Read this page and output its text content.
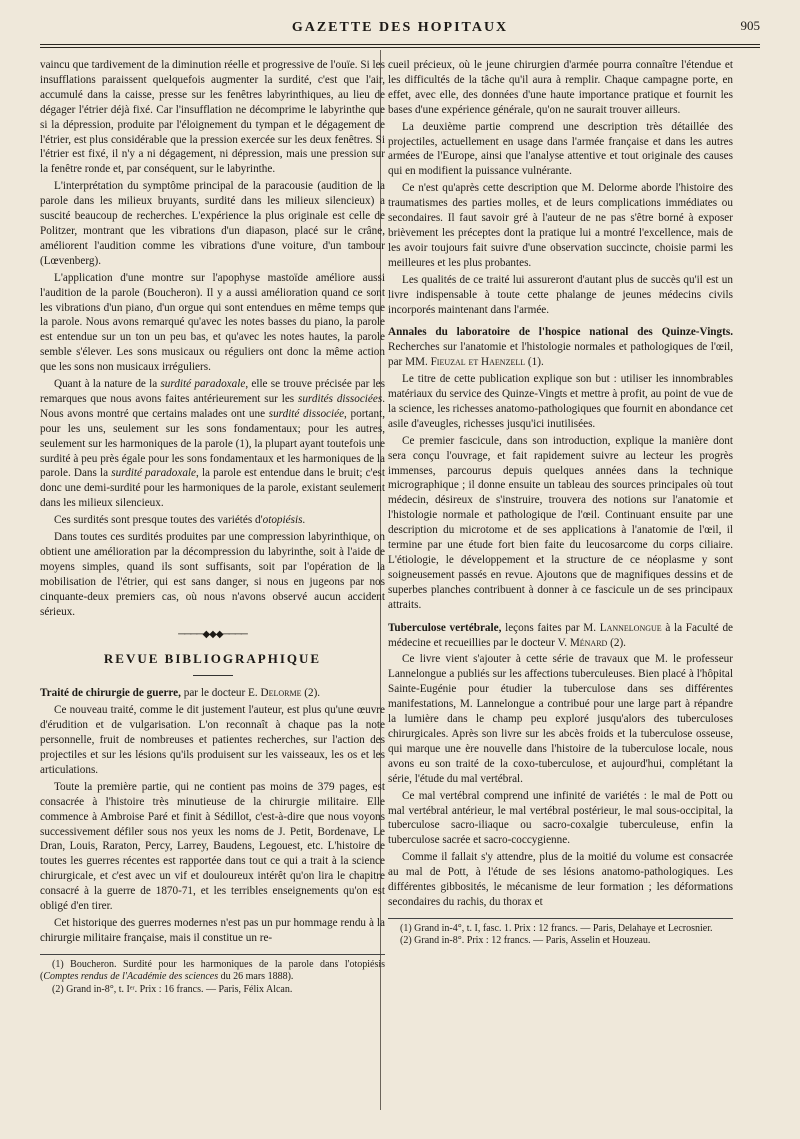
GAZETTE DES HOPITAUX	905

vaincu que tardivement de la diminution réelle et progressive de l'ouïe. Si les insufflations paraissent quelquefois augmenter la surdité, c'est que l'air, accumulé dans la caisse, presse sur les fenêtres labyrinthiques, au lieu de dégager l'étrier déjà fixé. Car l'insufflation ne décomprime le labyrinthe que si la dépression, produite par l'éloignement du tympan et le dégagement de l'étrier, est plus considérable que la pression exercée sur les deux fenêtres. Si l'étrier est fixé, il n'y a ni dégagement, ni dépression, mais une pression sur la fenêtre ronde et, par conséquent, sur le labyrinthe.

L'interprétation du symptôme principal de la paracousie (audition de la parole dans les milieux bruyants, surdité dans les milieux silencieux) a suscité beaucoup de recherches. L'expérience la plus originale est celle de Politzer, montrant que les vibrations d'un diapason, placé sur le crâne, améliorent l'audition comme les vibrations d'une voiture, d'un tambour (Lœvenberg).

L'application d'une montre sur l'apophyse mastoïde améliore aussi l'audition de la parole (Boucheron). Il y a aussi amélioration quand ce sont les vibrations d'un piano, d'un orgue qui sont entendues en même temps que la parole. Nous avons remarqué qu'avec les notes basses du piano, la parole est entendue sur un ton un peu bas, et qu'avec les notes hautes, la parole semble s'élever. Les sons musicaux ou réguliers ont donc la même action que les sons non musicaux irréguliers.

Quant à la nature de la surdité paradoxale, elle se trouve précisée par les remarques que nous avons faites antérieurement sur les surdités dissociées. Nous avons montré que certains malades ont une surdité dissociée, portant, pour les uns, seulement sur les sons fondamentaux; pour les autres, seulement sur les harmoniques de la parole (1), la plupart ayant toutefois une surdité à peu près égale pour les sons fondamentaux et les harmoniques de la parole. Dans la surdité paradoxale, la parole est entendue dans le bruit; c'est donc une demi-surdité pour les harmoniques de la parole, existant seulement dans les milieux silencieux.

Ces surdités sont presque toutes des variétés d'otopiésis.

Dans toutes ces surdités produites par une compression labyrinthique, on obtient une amélioration par la décompression du labyrinthe, soit à l'aide de moyens simples, quand ils sont suffisants, soit par l'opération de la mobilisation de l'étrier, qui est sans danger, si nous en jugeons par nos cinquante-deux premiers cas, où nous n'avons observé aucun accident sérieux.

────◆◆◆────
REVUE BIBLIOGRAPHIQUE

Traité de chirurgie de guerre, par le docteur E. Delorme (2).

Ce nouveau traité, comme le dit justement l'auteur, est plus qu'une œuvre d'érudition et de vulgarisation. L'on reconnaît à chaque pas la note personnelle, fruit de nombreuses et patientes recherches, sur l'action des projectiles et sur les lésions qu'ils produisent sur les vaisseaux, les os et les articulations.

Toute la première partie, qui ne contient pas moins de 379 pages, est consacrée à l'histoire très minutieuse de la chirurgie militaire. Elle commence à Ambroise Paré et finit à Sédillot, c'est-à-dire que nous voyons successivement défiler sous nos yeux les noms de J. Petit, Bordenave, Le Dran, Louis, Raraton, Percy, Larrey, Baudens, Legouest, etc. L'histoire de toutes les guerres récentes est rapportée dans tout ce qui a trait à la science chirurgicale, et c'est avec un vif et douloureux intérêt qu'on lira le chapitre consacré à la guerre de 1870-71, et les terribles enseignements qu'on est obligé d'en tirer.

Cet historique des guerres modernes n'est pas un pur hommage rendu à la chirurgie militaire française, mais il constitue un re-

(1) Boucheron. Surdité pour les harmoniques de la parole dans l'otopiésis (Comptes rendus de l'Académie des sciences du 26 mars 1888).

(2) Grand in-8°, t. Iᵉʳ. Prix : 16 francs. — Paris, Félix Alcan.

cueil précieux, où le jeune chirurgien d'armée pourra connaître l'étendue et les difficultés de la tâche qu'il aura à remplir. Chaque campagne porte, en effet, avec elle, des données d'une haute importance pratique et fournit les bases d'une expérience générale, qu'on ne saurait trouver ailleurs.

La deuxième partie comprend une description très détaillée des projectiles, actuellement en usage dans l'armée française et dans les autres armées de l'Europe, ainsi que l'analyse attentive et tout originale des causes qui en modifient la puissance vulnérante.

Ce n'est qu'après cette description que M. Delorme aborde l'histoire des traumatismes des parties molles, et de leurs complications immédiates ou secondaires. Il faut savoir gré à l'auteur de ne pas s'être borné à exposer brièvement les préceptes dont la pratique lui a montré l'excellence, mais de les avoir toujours fait suivre d'une observation succincte, choisie parmi les meilleures et les plus probantes.

Les qualités de ce traité lui assureront d'autant plus de succès qu'il est un livre indispensable à toute cette phalange de jeunes médecins civils incorporés maintenant dans l'armée.

Annales du laboratoire de l'hospice national des Quinze-Vingts. Recherches sur l'anatomie et l'histologie normales et pathologiques de l'œil, par MM. Fieuzal et Haenzell (1).

Le titre de cette publication explique son but : utiliser les innombrables matériaux du service des Quinze-Vingts et mettre à profit, au point de vue de la science, les richesses anatomo-pathologiques que fournit en abondance cet asile d'aveugles, richesses jusqu'ici inutilisées.

Ce premier fascicule, dans son introduction, explique la manière dont sera conçu l'ouvrage, et fait rapidement suivre au lecteur les progrès immenses, parcourus depuis quelques années dans la technique micrographique ; il donne ensuite un tableau des sources principales où tout médecin, désireux de s'instruire, trouvera des notions sur l'anatomie et l'histologie normale et pathologique de l'œil. Continuant ensuite par une description du microtome et de ses applications à l'anatomie de l'œil, il termine par une étude fort bien faite du leucosarcome du corps ciliaire. L'étiologie, le développement et la structure de ce néoplasme y sont soigneusement passés en revue. Ajoutons que de magnifiques dessins et de superbes planches contribuent à donner à ce fascicule un de ses principaux attraits.

Tuberculose vertébrale, leçons faites par M. Lannelongue à la Faculté de médecine et recueillies par le docteur V. Ménard (2).

Ce livre vient s'ajouter à cette série de travaux que M. le professeur Lannelongue a publiés sur les affections tuberculeuses. Bien placé à l'hôpital Sainte-Eugénie pour étudier la tuberculose dans ses différentes manifestations, M. Lannelongue a contribué pour une large part à répandre la lumière dans le champ peu exploré jusqu'alors des tuberculoses chirurgicales. Après son livre sur les abcès froids et la tuberculose osseuse, qui marque une ère nouvelle dans l'histoire de la tuberculose locale, nous avons eu son traité de la coxo-tuberculose, et aujourd'hui, complétant la série, l'étude du mal vertébral.

Ce mal vertébral comprend une infinité de variétés : le mal de Pott ou mal vertébral antérieur, le mal vertébral postérieur, le mal sous-occipital, la tuberculose sacro-iliaque ou sacro-coxalgie tuberculeuse, enfin la tuberculose sacrée et sacro-coccygienne.

Comme il fallait s'y attendre, plus de la moitié du volume est consacrée au mal de Pott, à l'étude de ses lésions anatomo-pathologiques. Les différentes gibbosités, le mécanisme de leur formation ; les déformations secondaires du rachis, du thorax et

(1) Grand in-4°, t. I, fasc. 1. Prix : 12 francs. — Paris, Delahaye et Lecrosnier.

(2) Grand in-8°. Prix : 12 francs. — Paris, Asselin et Houzeau.
